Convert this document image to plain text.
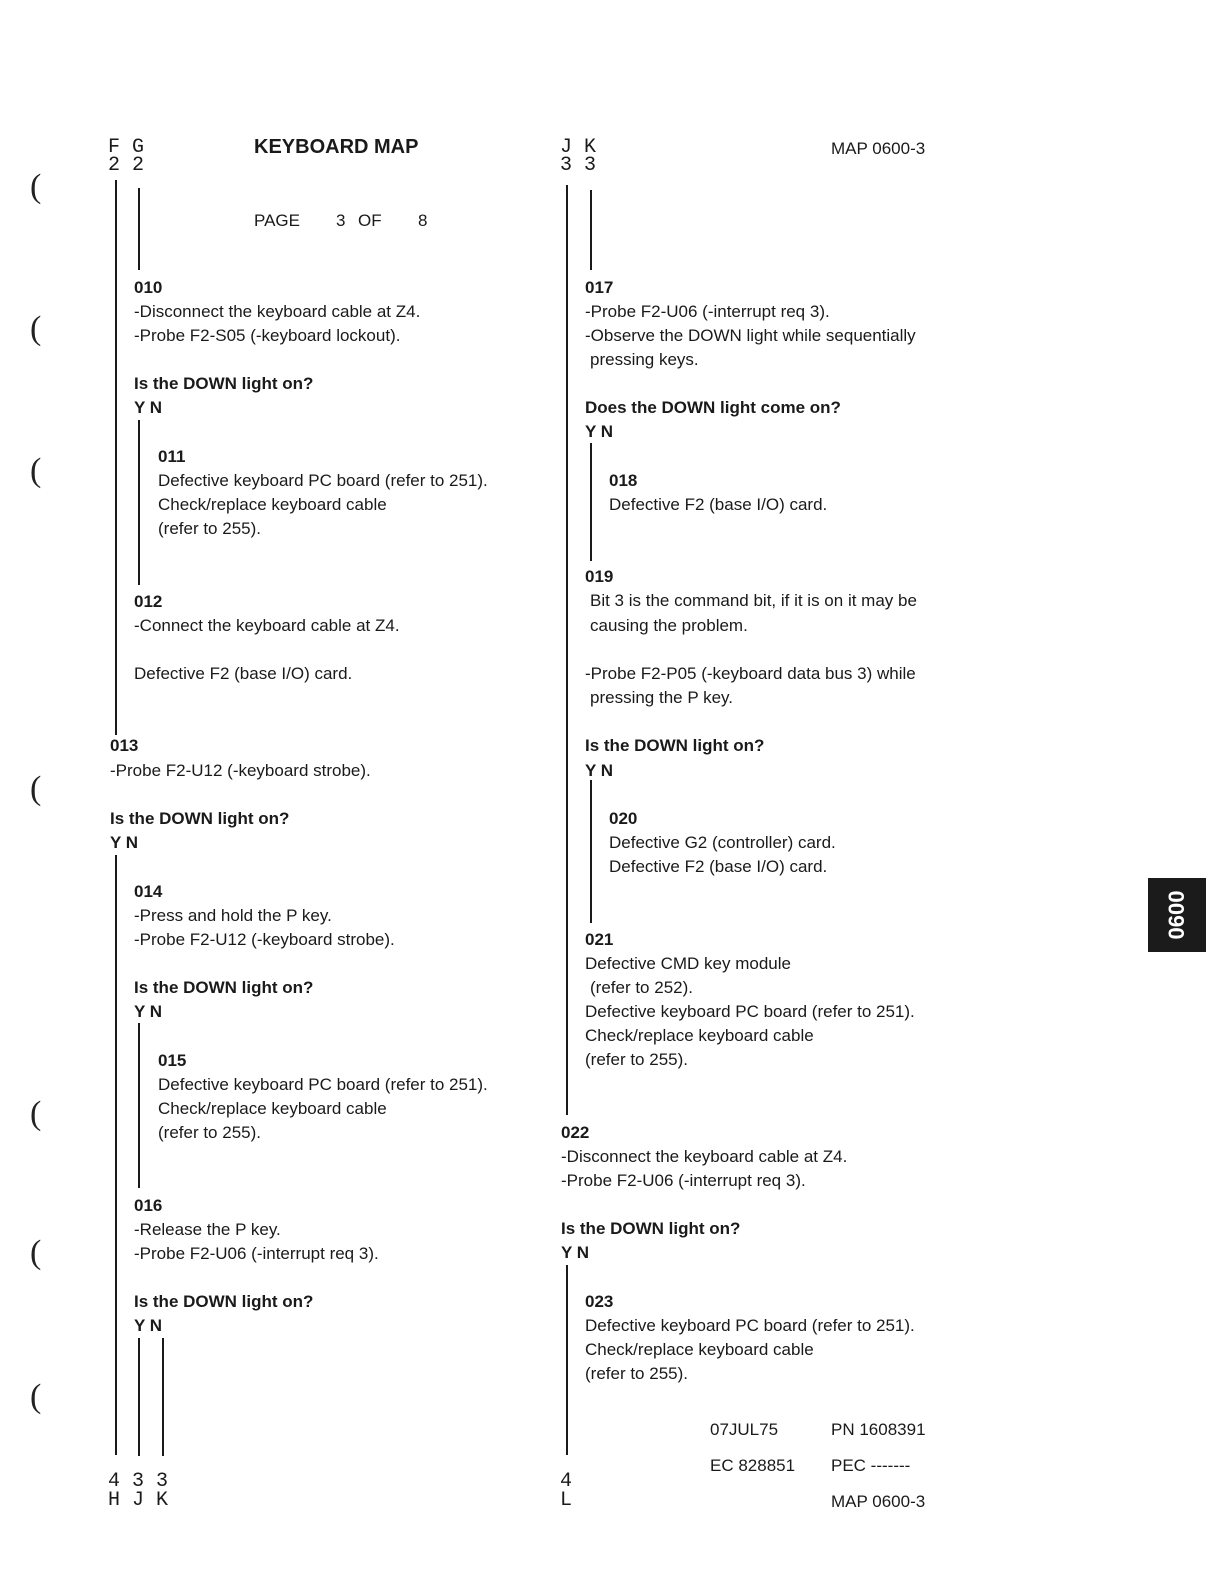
(
(
(
(
(
(
(
F G
2 2
KEYBOARD MAP
PAGE 3 OF 8
J K
3 3
MAP 0600-3
010
-Disconnect the keyboard cable at Z4.
-Probe F2-S05 (-keyboard lockout).
Is the DOWN light on?
Y N
011
Defective keyboard PC board (refer to 251).
Check/replace keyboard cable
(refer to 255).
012
-Connect the keyboard cable at Z4.
Defective F2 (base I/O) card.
013
-Probe F2-U12 (-keyboard strobe).
Is the DOWN light on?
Y N
014
-Press and hold the P key.
-Probe F2-U12 (-keyboard strobe).
Is the DOWN light on?
Y N
015
Defective keyboard PC board (refer to 251).
Check/replace keyboard cable
(refer to 255).
016
-Release the P key.
-Probe F2-U06 (-interrupt req 3).
Is the DOWN light on?
Y N
017
-Probe F2-U06 (-interrupt req 3).
-Observe the DOWN light while sequentially
pressing keys.
Does the DOWN light come on?
Y N
018
Defective F2 (base I/O) card.
019
Bit 3 is the command bit, if it is on it may be
causing the problem.
-Probe F2-P05 (-keyboard data bus 3) while
pressing the P key.
Is the DOWN light on?
Y N
020
Defective G2 (controller) card.
Defective F2 (base I/O) card.
021
Defective CMD key module
(refer to 252).
Defective keyboard PC board (refer to 251).
Check/replace keyboard cable
(refer to 255).
022
-Disconnect the keyboard cable at Z4.
-Probe F2-U06 (-interrupt req 3).
Is the DOWN light on?
Y N
023
Defective keyboard PC board (refer to 251).
Check/replace keyboard cable
(refer to 255).
4 3 3
H J K
4
L
07JUL75	PN 1608391
EC 828851 PEC -------
MAP 0600-3
0600
